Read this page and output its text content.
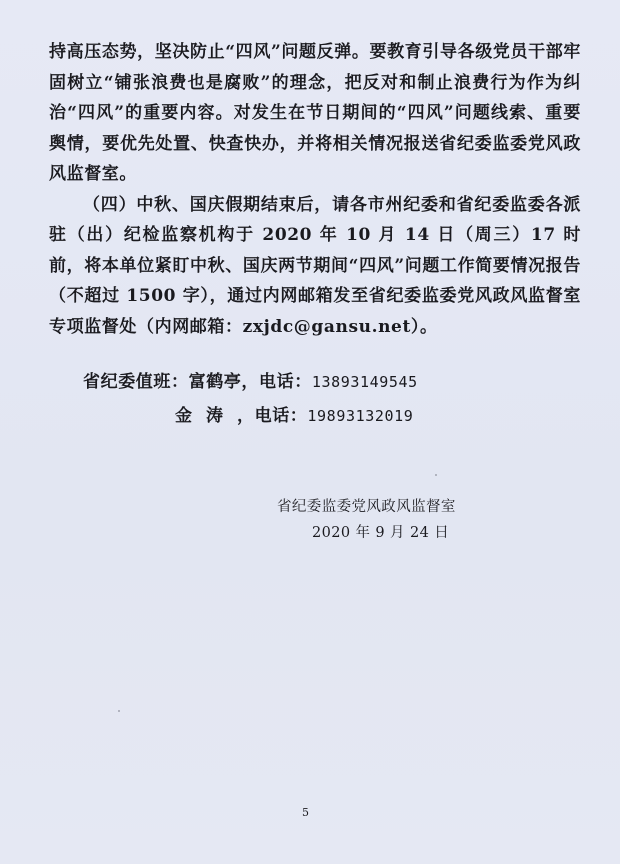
持高压态势，坚决防止“四风”问题反弹。要教育引导各级党员干部牢固树立“铺张浪费也是腐败”的理念，把反对和制止浪费行为作为纠治“四风”的重要内容。对发生在节日期间的“四风”问题线索、重要舆情，要优先处置、快查快办，并将相关情况报送省纪委监委党风政风监督室。

（四）中秋、国庆假期结束后，请各市州纪委和省纪委监委各派驻（出）纪检监察机构于 2020 年 10 月 14 日（周三）17 时前，将本单位紧盯中秋、国庆两节期间“四风”问题工作简要情况报告（不超过 1500 字），通过内网邮箱发至省纪委监委党风政风监督室专项监督处（内网邮箱：zxjdc@gansu.net）。

省纪委值班：富鹤亭，电话：13893149545
金涛，电话：19893132019
省纪委监委党风政风监督室
2020 年 9 月 24 日
5
